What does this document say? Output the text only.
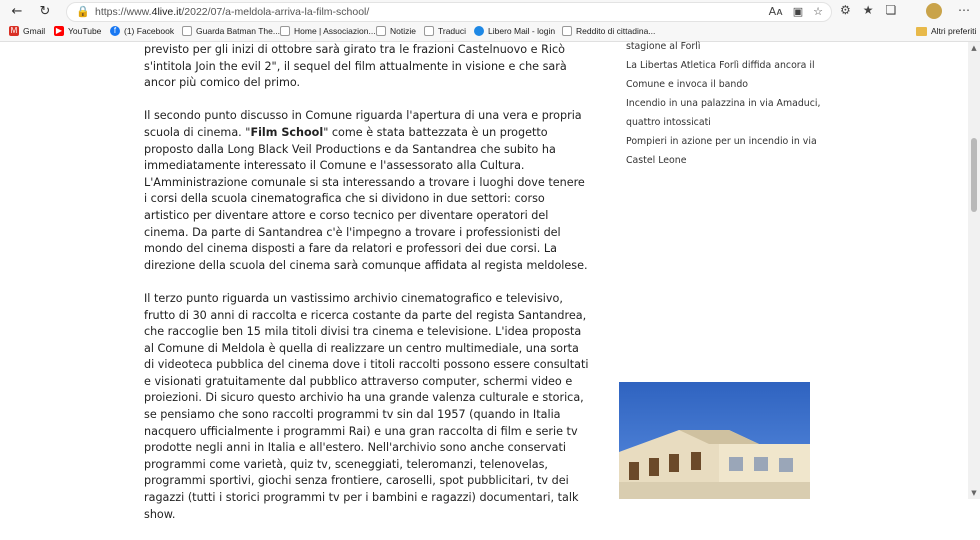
← ↻	🔒 https://www.4live.it/2022/07/a-meldola-arriva-la-film-school/	Aᴀ ▣ ☆ ⚙ ★ ❏	⋯
M Gmail ▶ YouTube	f (1) Facebook	Guarda Batman The... Home | Associazion... Notizie	Traduci	Libero Mail - login Reddito di cittadina...	Altri preferiti

previsto per gli inizi di ottobre sarà girato tra le frazioni Castelnuovo e Ricò s'intitola Join the evil 2", il sequel del film attualmente in visione e che sarà ancor più comico del primo.

Il secondo punto discusso in Comune riguarda l'apertura di una vera e propria scuola di cinema. "Film School" come è stata battezzata è un progetto proposto dalla Long Black Veil Productions e da Santandrea che subito ha immediatamente interessato il Comune e l'assessorato alla Cultura. L'Amministrazione comunale si sta interessando a trovare i luoghi dove tenere i corsi della scuola cinematografica che si dividono in due settori: corso artistico per diventare attore e corso tecnico per diventare operatori del cinema. Da parte di Santandrea c'è l'impegno a trovare i professionisti del mondo del cinema disposti a fare da relatori e professori dei due corsi. La direzione della scuola del cinema sarà comunque affidata al regista meldolese.

Il terzo punto riguarda un vastissimo archivio cinematografico e televisivo, frutto di 30 anni di raccolta e ricerca costante da parte del regista Santandrea, che raccoglie ben 15 mila titoli divisi tra cinema e televisione. L'idea proposta al Comune di Meldola è quella di realizzare un centro multimediale, una sorta di videoteca pubblica del cinema dove i titoli raccolti possono essere consultati e visionati gratuitamente dal pubblico attraverso computer, schermi video e proiezioni. Di sicuro questo archivio ha una grande valenza culturale e storica, se pensiamo che sono raccolti programmi tv sin dal 1957 (quando in Italia nacquero ufficialmente i programmi Rai) e una gran raccolta di film e serie tv prodotte negli anni in Italia e all'estero. Nell'archivio sono anche conservati programmi come varietà, quiz tv, sceneggiati, teleromanzi, telenovelas, programmi sportivi, giochi senza frontiere, caroselli, spot pubblicitari, tv dei ragazzi (tutti i storici programmi tv per i bambini e ragazzi) documentari, talk show.

stagione al Forlì
La Libertas Atletica Forlì diffida ancora il Comune e invoca il bando
Incendio in una palazzina in via Amaduci, quattro intossicati
Pompieri in azione per un incendio in via Castel Leone
▲
▼
